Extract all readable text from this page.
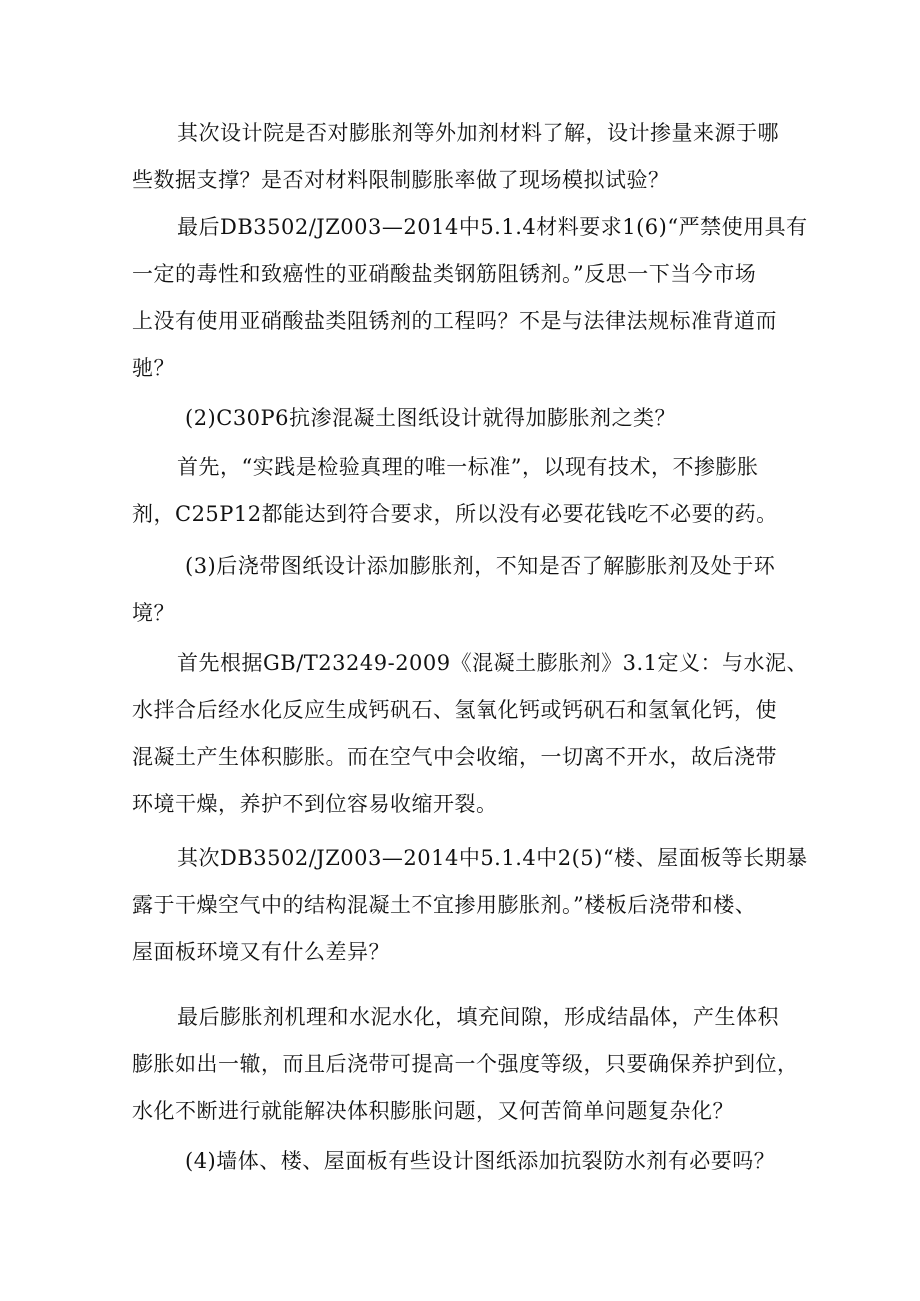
其次设计院是否对膨胀剂等外加剂材料了解，设计掺量来源于哪
些数据支撑？是否对材料限制膨胀率做了现场模拟试验？
最后DB3502/JZ003—2014中5.1.4材料要求1(6)“严禁使用具有
一定的毒性和致癌性的亚硝酸盐类钢筋阻锈剂。”反思一下当今市场
上没有使用亚硝酸盐类阻锈剂的工程吗？不是与法律法规标准背道而
驰？
(2)C30P6抗渗混凝土图纸设计就得加膨胀剂之类？
首先，“实践是检验真理的唯一标准”，以现有技术，不掺膨胀
剂，C25P12都能达到符合要求，所以没有必要花钱吃不必要的药。
(3)后浇带图纸设计添加膨胀剂，不知是否了解膨胀剂及处于环
境？
首先根据GB/T23249-2009《混凝土膨胀剂》3.1定义：与水泥、
水拌合后经水化反应生成钙矾石、氢氧化钙或钙矾石和氢氧化钙，使
混凝土产生体积膨胀。而在空气中会收缩，一切离不开水，故后浇带
环境干燥，养护不到位容易收缩开裂。
其次DB3502/JZ003—2014中5.1.4中2(5)“楼、屋面板等长期暴
露于干燥空气中的结构混凝土不宜掺用膨胀剂。”楼板后浇带和楼、
屋面板环境又有什么差异？
最后膨胀剂机理和水泥水化，填充间隙，形成结晶体，产生体积
膨胀如出一辙，而且后浇带可提高一个强度等级，只要确保养护到位，
水化不断进行就能解决体积膨胀问题，又何苦简单问题复杂化？
(4)墙体、楼、屋面板有些设计图纸添加抗裂防水剂有必要吗？
